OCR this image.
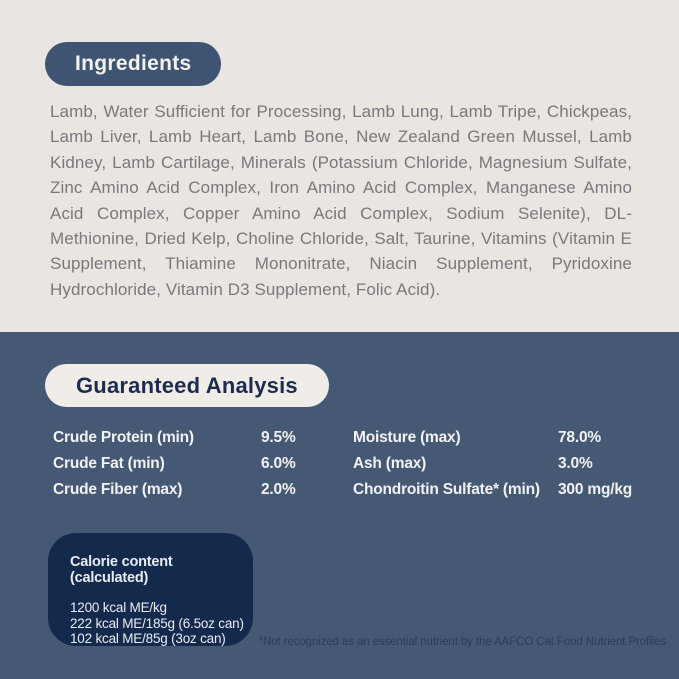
Ingredients

Lamb, Water Sufficient for Processing, Lamb Lung, Lamb Tripe, Chickpeas, Lamb Liver, Lamb Heart, Lamb Bone, New Zealand Green Mussel, Lamb Kidney, Lamb Cartilage, Minerals (Potassium Chloride, Magnesium Sulfate, Zinc Amino Acid Complex, Iron Amino Acid Complex, Manganese Amino Acid Complex, Copper Amino Acid Complex, Sodium Selenite), DL-Methionine, Dried Kelp, Choline Chloride, Salt, Taurine, Vitamins (Vitamin E Supplement, Thiamine Mononitrate, Niacin Supplement, Pyridoxine Hydrochloride, Vitamin D3 Supplement, Folic Acid).

Guaranteed Analysis
Crude Protein (min)	9.5%	Moisture (max)	78.0%
Crude Fat (min)	6.0%	Ash (max)	3.0%
Crude Fiber (max)	2.0%	Chondroitin Sulfate* (min)	300 mg/kg
Calorie content (calculated)
1200 kcal ME/kg
222 kcal ME/185g (6.5oz can)
102 kcal ME/85g (3oz can)	*Not recognized as an essential nutrient by the AAFCO Cat Food Nutrient Profiles
